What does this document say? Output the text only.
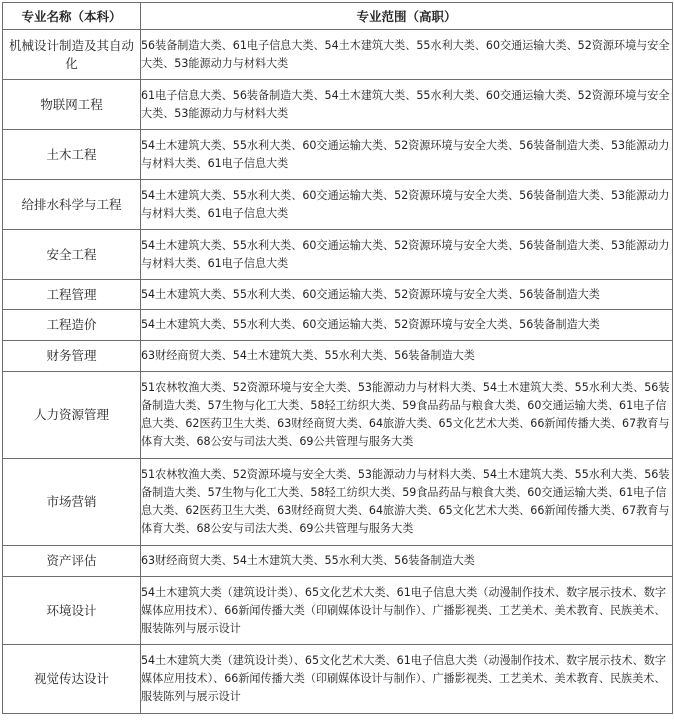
专业名称（本科）	专业范围（高职）
机械设计制造及其自动化	56装备制造大类、61电子信息大类、54土木建筑大类、55水利大类、60交通运输大类、52资源环境与安全大类、53能源动力与材料大类
物联网工程	61电子信息大类、56装备制造大类、54土木建筑大类、55水利大类、60交通运输大类、52资源环境与安全大类、53能源动力与材料大类
土木工程	54土木建筑大类、55水利大类、60交通运输大类、52资源环境与安全大类、56装备制造大类、53能源动力与材料大类、61电子信息大类
给排水科学与工程	54土木建筑大类、55水利大类、60交通运输大类、52资源环境与安全大类、56装备制造大类、53能源动力与材料大类、61电子信息大类
安全工程	54土木建筑大类、55水利大类、60交通运输大类、52资源环境与安全大类、56装备制造大类、53能源动力与材料大类、61电子信息大类
工程管理	54土木建筑大类、55水利大类、60交通运输大类、52资源环境与安全大类、56装备制造大类
工程造价	54土木建筑大类、55水利大类、60交通运输大类、52资源环境与安全大类、56装备制造大类
财务管理	63财经商贸大类、54土木建筑大类、55水利大类、56装备制造大类
人力资源管理	51农林牧渔大类、52资源环境与安全大类、53能源动力与材料大类、54土木建筑大类、55水利大类、56装备制造大类、57生物与化工大类、58轻工纺织大类、59食品药品与粮食大类、60交通运输大类、61电子信息大类、62医药卫生大类、63财经商贸大类、64旅游大类、65文化艺术大类、66新闻传播大类、67教育与体育大类、68公安与司法大类、69公共管理与服务大类
市场营销	51农林牧渔大类、52资源环境与安全大类、53能源动力与材料大类、54土木建筑大类、55水利大类、56装备制造大类、57生物与化工大类、58轻工纺织大类、59食品药品与粮食大类、60交通运输大类、61电子信息大类、62医药卫生大类、63财经商贸大类、64旅游大类、65文化艺术大类、66新闻传播大类、67教育与体育大类、68公安与司法大类、69公共管理与服务大类
资产评估	63财经商贸大类、54土木建筑大类、55水利大类、56装备制造大类
环境设计	54土木建筑大类（建筑设计类）、65文化艺术大类、61电子信息大类（动漫制作技术、数字展示技术、数字媒体应用技术）、66新闻传播大类（印刷媒体设计与制作）、广播影视类、工艺美术、美术教育、民族美术、服装陈列与展示设计
视觉传达设计	54土木建筑大类（建筑设计类）、65文化艺术大类、61电子信息大类（动漫制作技术、数字展示技术、数字媒体应用技术）、66新闻传播大类（印刷媒体设计与制作）、广播影视类、工艺美术、美术教育、民族美术、服装陈列与展示设计
